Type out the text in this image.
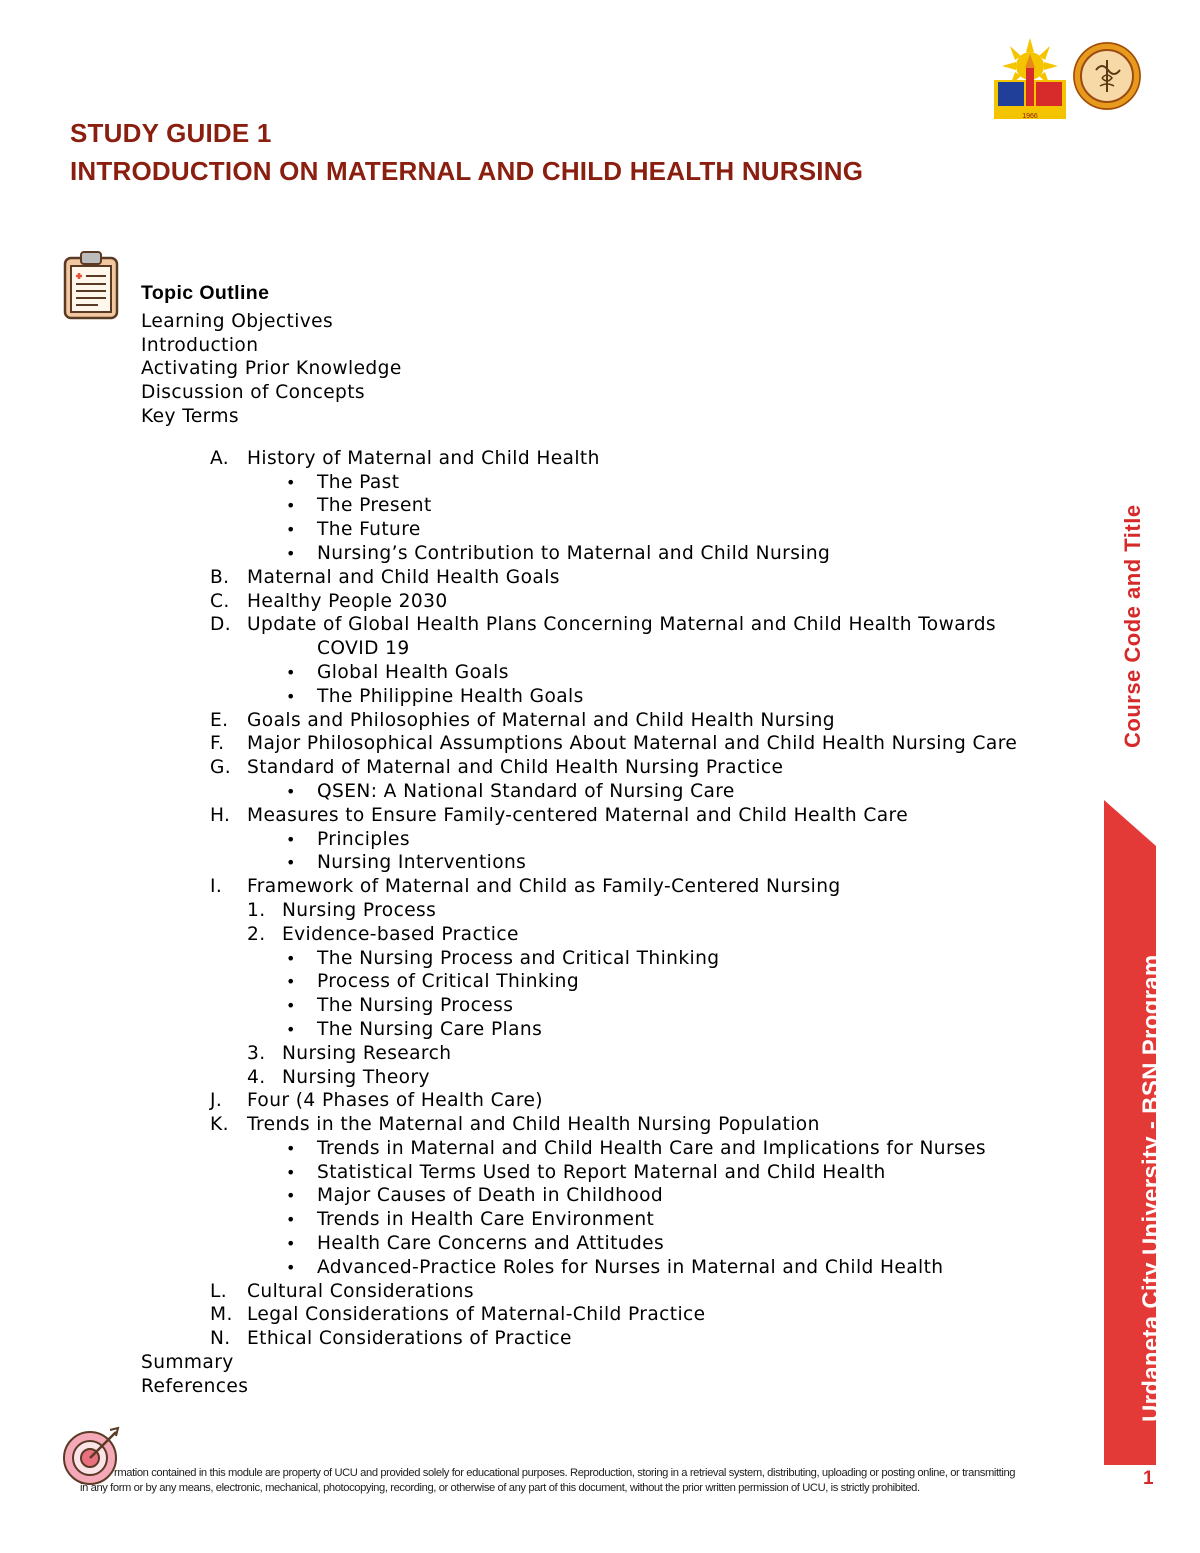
STUDY GUIDE 1
INTRODUCTION ON MATERNAL AND CHILD HEALTH NURSING
1966
Topic Outline
Learning Objectives
Introduction
Activating Prior Knowledge
Discussion of Concepts
Key Terms
A. History of Maternal and Child Health
• The Past
• The Present
• The Future
• Nursing’s Contribution to Maternal and Child Nursing
B. Maternal and Child Health Goals
C. Healthy People 2030
D. Update of Global Health Plans Concerning Maternal and Child Health Towards
COVID 19
• Global Health Goals
• The Philippine Health Goals
E. Goals and Philosophies of Maternal and Child Health Nursing
F. Major Philosophical Assumptions About Maternal and Child Health Nursing Care
G. Standard of Maternal and Child Health Nursing Practice
• QSEN: A National Standard of Nursing Care
H. Measures to Ensure Family-centered Maternal and Child Health Care
• Principles
• Nursing Interventions
I. Framework of Maternal and Child as Family-Centered Nursing
1. Nursing Process
2. Evidence-based Practice
• The Nursing Process and Critical Thinking
• Process of Critical Thinking
• The Nursing Process
• The Nursing Care Plans
3. Nursing Research
4. Nursing Theory
J. Four (4 Phases of Health Care)
K. Trends in the Maternal and Child Health Nursing Population
• Trends in Maternal and Child Health Care and Implications for Nurses
• Statistical Terms Used to Report Maternal and Child Health
• Major Causes of Death in Childhood
• Trends in Health Care Environment
• Health Care Concerns and Attitudes
• Advanced-Practice Roles for Nurses in Maternal and Child Health
L. Cultural Considerations
M. Legal Considerations of Maternal-Child Practice
N. Ethical Considerations of Practice
Summary
References
Course Code and Title
Urdaneta City University - BSN Program
1
rmation contained in this module are property of UCU and provided solely for educational purposes. Reproduction, storing in a retrieval system, distributing, uploading or posting online, or transmitting
in any form or by any means, electronic, mechanical, photocopying, recording, or otherwise of any part of this document, without the prior written permission of UCU, is strictly prohibited.
